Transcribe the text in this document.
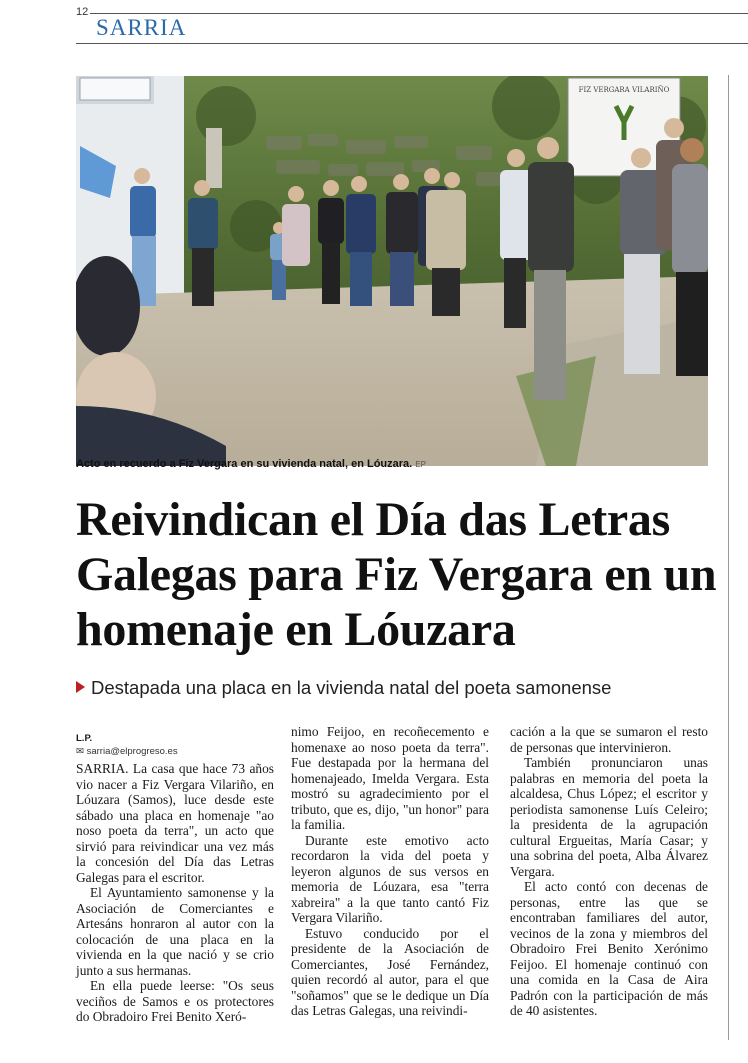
12
SARRIA
FIZ VERGARA VILARIÑO
Acto en recuerdo a Fiz Vergara en su vivienda natal, en Lóuzara. EP
Reivindican el Día das Letras Galegas para Fiz Vergara en un homenaje en Lóuzara
Destapada una placa en la vivienda natal del poeta samonense
L.P.
✉ sarria@elprogreso.es

SARRIA. La casa que hace 73 años vio nacer a Fiz Vergara Vilariño, en Lóuzara (Samos), luce desde este sábado una placa en homenaje "ao noso poeta da terra", un acto que sirvió para reivindicar una vez más la concesión del Día das Letras Galegas para el escritor.

El Ayuntamiento samonense y la Asociación de Comerciantes e Artesáns honraron al autor con la colocación de una placa en la vivienda en la que nació y se crio junto a sus hermanas.

En ella puede leerse: "Os seus veciños de Samos e os protectores do Obradoiro Frei Benito Xeró-

nimo Feijoo, en recoñecemento e homenaxe ao noso poeta da terra". Fue destapada por la hermana del homenajeado, Imelda Vergara. Esta mostró su agradecimiento por el tributo, que es, dijo, "un honor" para la familia.

Durante este emotivo acto recordaron la vida del poeta y leyeron algunos de sus versos en memoria de Lóuzara, esa "terra xabreira" a la que tanto cantó Fiz Vergara Vilariño.

Estuvo conducido por el presidente de la Asociación de Comerciantes, José Fernández, quien recordó al autor, para el que "soñamos" que se le dedique un Día das Letras Galegas, una reivindi-

cación a la que se sumaron el resto de personas que intervinieron.

También pronunciaron unas palabras en memoria del poeta la alcaldesa, Chus López; el escritor y periodista samonense Luís Celeiro; la presidenta de la agrupación cultural Ergueitas, María Casar; y una sobrina del poeta, Alba Álvarez Vergara.

El acto contó con decenas de personas, entre las que se encontraban familiares del autor, vecinos de la zona y miembros del Obradoiro Frei Benito Xerónimo Feijoo. El homenaje continuó con una comida en la Casa de Aira Padrón con la participación de más de 40 asistentes.
